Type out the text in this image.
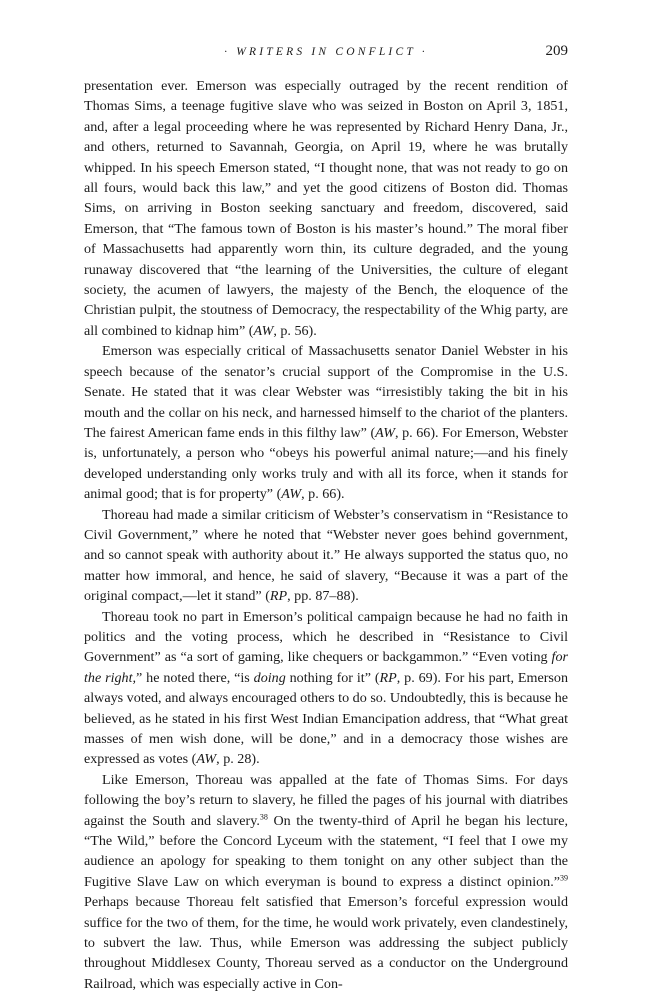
· WRITERS IN CONFLICT ·	209

presentation ever. Emerson was especially outraged by the recent rendition of Thomas Sims, a teenage fugitive slave who was seized in Boston on April 3, 1851, and, after a legal proceeding where he was represented by Richard Henry Dana, Jr., and others, returned to Savannah, Georgia, on April 19, where he was brutally whipped. In his speech Emerson stated, “I thought none, that was not ready to go on all fours, would back this law,” and yet the good citizens of Boston did. Thomas Sims, on arriving in Boston seeking sanctuary and freedom, discovered, said Emerson, that “The famous town of Boston is his master’s hound.” The moral fiber of Massachusetts had apparently worn thin, its culture degraded, and the young runaway discovered that “the learning of the Universities, the culture of elegant society, the acumen of lawyers, the majesty of the Bench, the eloquence of the Christian pulpit, the stoutness of Democracy, the respectability of the Whig party, are all combined to kidnap him” (AW, p. 56).

Emerson was especially critical of Massachusetts senator Daniel Webster in his speech because of the senator’s crucial support of the Compromise in the U.S. Senate. He stated that it was clear Webster was “irresistibly taking the bit in his mouth and the collar on his neck, and harnessed himself to the chariot of the planters. The fairest American fame ends in this filthy law” (AW, p. 66). For Emerson, Webster is, unfortunately, a person who “obeys his powerful animal nature;—and his finely developed understanding only works truly and with all its force, when it stands for animal good; that is for property” (AW, p. 66).

Thoreau had made a similar criticism of Webster’s conservatism in “Resistance to Civil Government,” where he noted that “Webster never goes behind government, and so cannot speak with authority about it.” He always supported the status quo, no matter how immoral, and hence, he said of slavery, “Because it was a part of the original compact,—let it stand” (RP, pp. 87–88).

Thoreau took no part in Emerson’s political campaign because he had no faith in politics and the voting process, which he described in “Resistance to Civil Government” as “a sort of gaming, like chequers or backgammon.” “Even voting for the right,” he noted there, “is doing nothing for it” (RP, p. 69). For his part, Emerson always voted, and always encouraged others to do so. Undoubtedly, this is because he believed, as he stated in his first West Indian Emancipation address, that “What great masses of men wish done, will be done,” and in a democracy those wishes are expressed as votes (AW, p. 28).

Like Emerson, Thoreau was appalled at the fate of Thomas Sims. For days following the boy’s return to slavery, he filled the pages of his journal with diatribes against the South and slavery.$^{38}$ On the twenty-third of April he began his lecture, “The Wild,” before the Concord Lyceum with the statement, “I feel that I owe my audience an apology for speaking to them tonight on any other subject than the Fugitive Slave Law on which everyman is bound to express a distinct opinion.”$^{39}$ Perhaps because Thoreau felt satisfied that Emerson’s forceful expression would suffice for the two of them, for the time, he would work privately, even clandestinely, to subvert the law. Thus, while Emerson was addressing the subject publicly throughout Middlesex County, Thoreau served as a conductor on the Underground Railroad, which was especially active in Con-
